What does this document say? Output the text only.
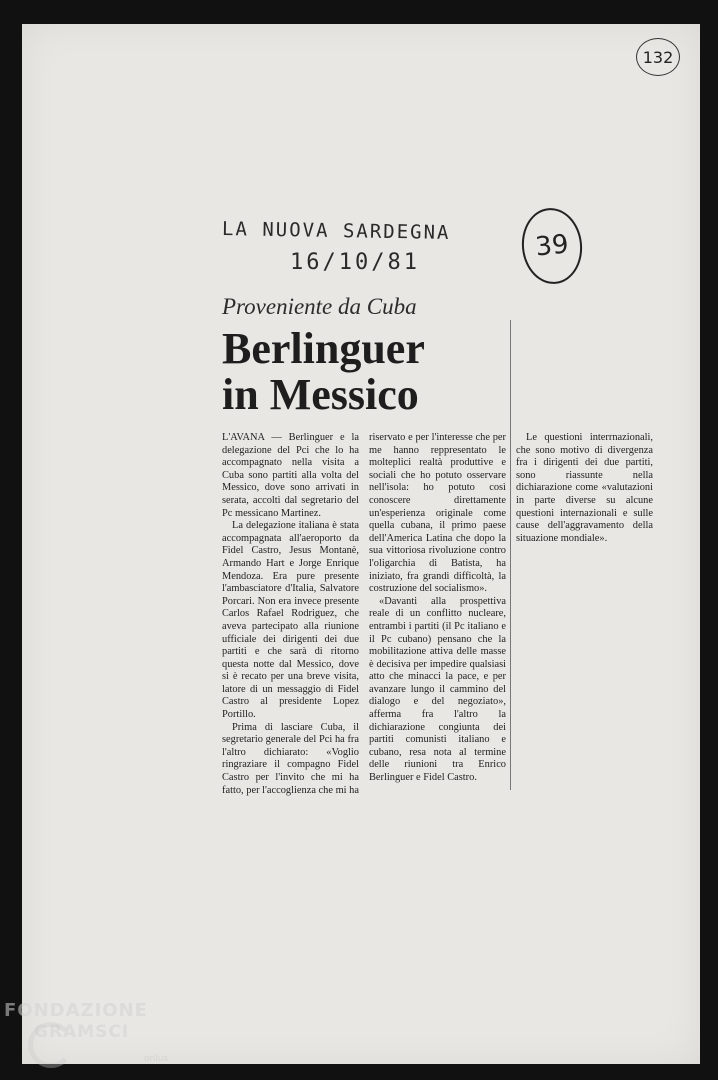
132
LA NUOVA SARDEGNA
16/10/81	39
Proveniente da Cuba
Berlinguer
in Messico

L'AVANA — Berlinguer e la delegazione del Pci che lo ha accompagnato nella visita a Cuba sono partiti alla volta del Messico, dove sono arrivati in serata, accolti dal segretario del Pc messicano Martinez.

La delegazione italiana è stata accompagnata all'aeroporto da Fidel Castro, Jesus Montanè, Armando Hart e Jorge Enrique Mendoza. Era pure presente l'ambasciatore d'Italia, Salvatore Porcari. Non era invece presente Carlos Rafael Rodriguez, che aveva partecipato alla riunione ufficiale dei dirigenti dei due partiti e che sarà di ritorno questa notte dal Messico, dove si è recato per una breve visita, latore di un messaggio di Fidel Castro al presidente Lopez Portillo.

Prima di lasciare Cuba, il segretario generale del Pci ha fra l'altro dichiarato: «Voglio ringraziare il compagno Fidel Castro per l'invito che mi ha fatto, per l'accoglienza che mi ha riservato e per l'interesse che per me hanno reppresentato le molteplici realtà produttive e sociali che ho potuto osservare nell'isola: ho potuto così conoscere direttamente un'esperienza originale come quella cubana, il primo paese dell'America Latina che dopo la sua vittoriosa rivoluzione contro l'oligarchia di Batista, ha iniziato, fra grandi difficoltà, la costruzione del socialismo».

«Davanti alla prospettiva reale di un conflitto nucleare, entrambi i partiti (il Pc italiano e il Pc cubano) pensano che la mobilitazione attiva delle masse è decisiva per impedire qualsiasi atto che minacci la pace, e per avanzare lungo il cammino del dialogo e del negoziato», afferma fra l'altro la dichiarazione congiunta dei partiti comunisti italiano e cubano, resa nota al termine delle riunioni tra Enrico Berlinguer e Fidel Castro.

Le questioni interrnazionali, che sono motivo di divergenza fra i dirigenti dei due partiti, sono riassunte nella dichiarazione come «valutazioni in parte diverse su alcune questioni internazionali e sulle cause dell'aggravamento della situazione mondiale».

FONDAZIONE
GRAMSCI
onlus
